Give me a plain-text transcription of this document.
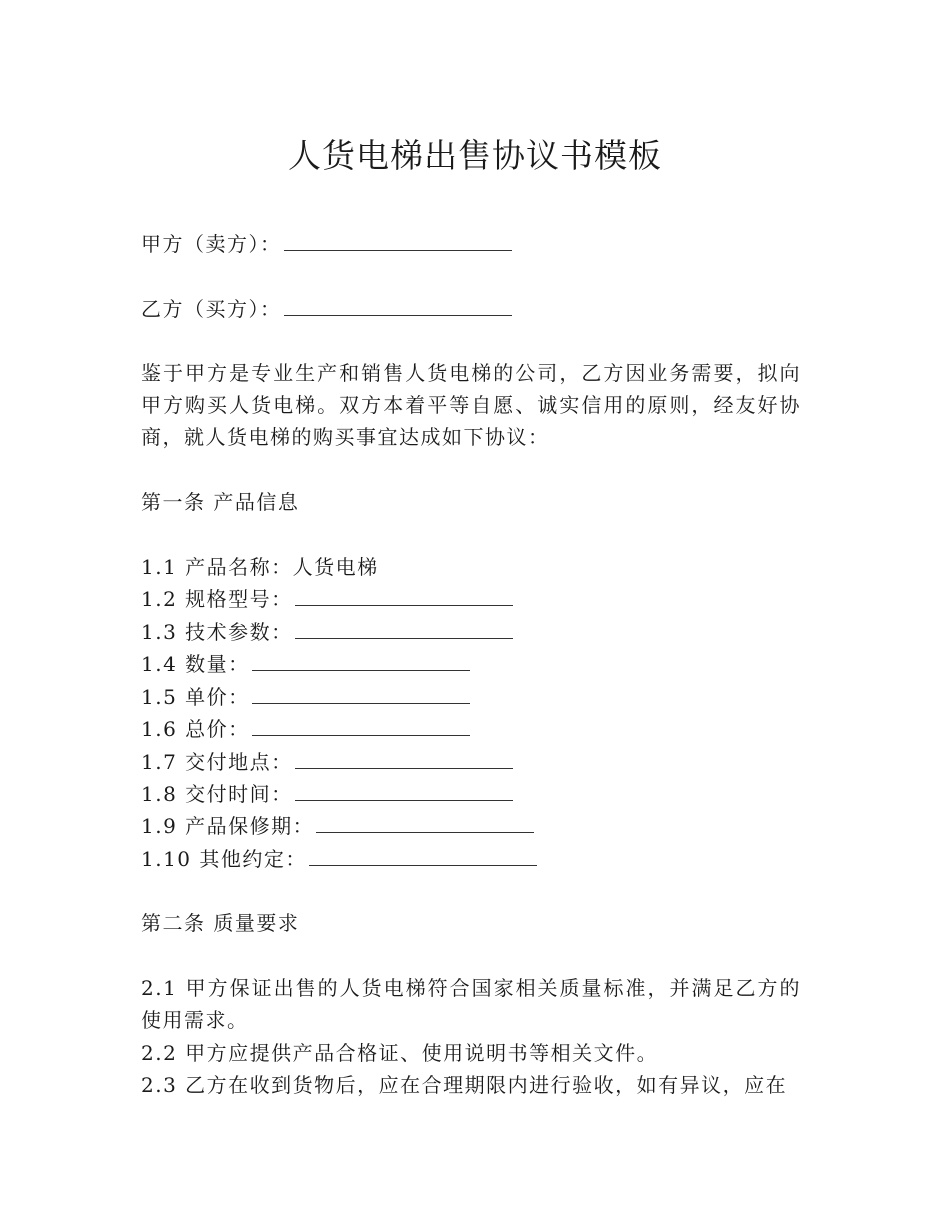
人货电梯出售协议书模板
甲方（卖方）：
乙方（买方）：

鉴于甲方是专业生产和销售人货电梯的公司，乙方因业务需要，拟向甲方购买人货电梯。双方本着平等自愿、诚实信用的原则，经友好协商，就人货电梯的购买事宜达成如下协议：

第一条 产品信息
1.1 产品名称：人货电梯
1.2 规格型号：
1.3 技术参数：
1.4 数量：
1.5 单价：
1.6 总价：
1.7 交付地点：
1.8 交付时间：
1.9 产品保修期：
1.10 其他约定：
第二条 质量要求

2.1 甲方保证出售的人货电梯符合国家相关质量标准，并满足乙方的使用需求。

2.2 甲方应提供产品合格证、使用说明书等相关文件。
2.3 乙方在收到货物后，应在合理期限内进行验收，如有异议，应在
